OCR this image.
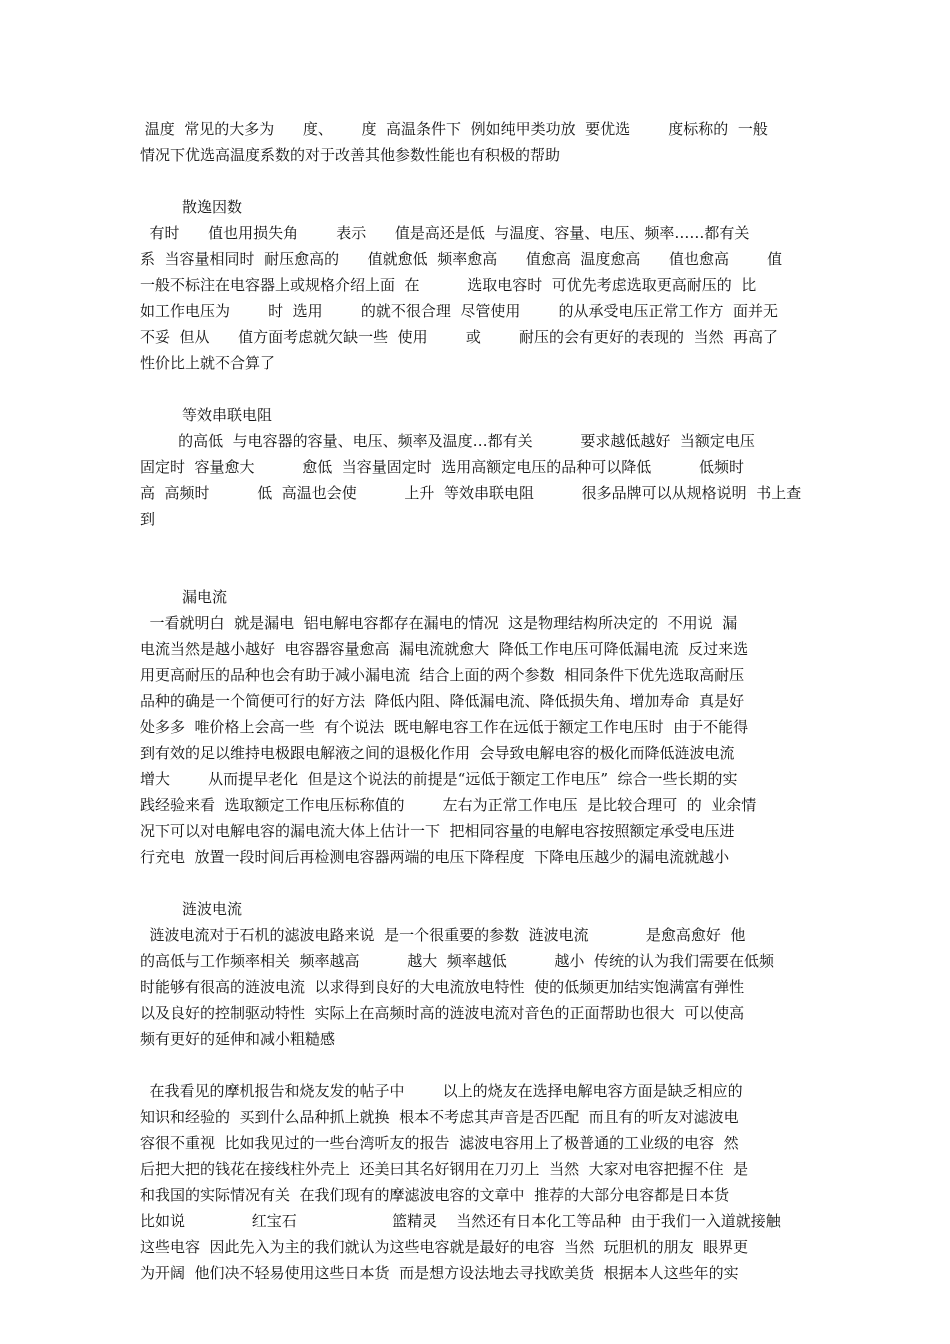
温度  常见的大多为      度、      度  高温条件下  例如纯甲类功放  要优选        度标称的  一般
情况下优选高温度系数的对于改善其他参数性能也有积极的帮助
散逸因数
有时      值也用损失角        表示      值是高还是低  与温度、容量、电压、频率……都有关
系  当容量相同时  耐压愈高的      值就愈低  频率愈高      值愈高  温度愈高      值也愈高        值
一般不标注在电容器上或规格介绍上面  在          选取电容时  可优先考虑选取更高耐压的  比
如工作电压为        时  选用        的就不很合理  尽管使用        的从承受电压正常工作方  面并无
不妥  但从      值方面考虑就欠缺一些  使用        或        耐压的会有更好的表现的  当然  再高了
性价比上就不合算了
等效串联电阻
的高低  与电容器的容量、电压、频率及温度…都有关          要求越低越好  当额定电压
固定时  容量愈大          愈低  当容量固定时  选用高额定电压的品种可以降低          低频时
高  高频时          低  高温也会使          上升  等效串联电阻          很多品牌可以从规格说明  书上查
到
漏电流
一看就明白  就是漏电  铝电解电容都存在漏电的情况  这是物理结构所决定的  不用说  漏
电流当然是越小越好  电容器容量愈高  漏电流就愈大  降低工作电压可降低漏电流  反过来选
用更高耐压的品种也会有助于减小漏电流  结合上面的两个参数  相同条件下优先选取高耐压
品种的确是一个简便可行的好方法  降低内阻、降低漏电流、降低损失角、增加寿命  真是好
处多多  唯价格上会高一些  有个说法  既电解电容工作在远低于额定工作电压时  由于不能得
到有效的足以维持电极跟电解液之间的退极化作用  会导致电解电容的极化而降低涟波电流
增大        从而提早老化  但是这个说法的前提是“远低于额定工作电压”  综合一些长期的实
践经验来看  选取额定工作电压标称值的        左右为正常工作电压  是比较合理可  的  业余情
况下可以对电解电容的漏电流大体上估计一下  把相同容量的电解电容按照额定承受电压进
行充电  放置一段时间后再检测电容器两端的电压下降程度  下降电压越少的漏电流就越小
涟波电流
涟波电流对于石机的滤波电路来说  是一个很重要的参数  涟波电流            是愈高愈好  他
的高低与工作频率相关  频率越高          越大  频率越低          越小  传统的认为我们需要在低频
时能够有很高的涟波电流  以求得到良好的大电流放电特性  使的低频更加结实饱满富有弹性
以及良好的控制驱动特性  实际上在高频时高的涟波电流对音色的正面帮助也很大  可以使高
频有更好的延伸和减小粗糙感
在我看见的摩机报告和烧友发的帖子中        以上的烧友在选择电解电容方面是缺乏相应的
知识和经验的  买到什么品种抓上就换  根本不考虑其声音是否匹配  而且有的听友对滤波电
容很不重视  比如我见过的一些台湾听友的报告  滤波电容用上了极普通的工业级的电容  然
后把大把的钱花在接线柱外壳上  还美曰其名好钢用在刀刃上  当然  大家对电容把握不住  是
和我国的实际情况有关  在我们现有的摩滤波电容的文章中  推荐的大部分电容都是日本货
比如说              红宝石                    篮精灵    当然还有日本化工等品种  由于我们一入道就接触
这些电容  因此先入为主的我们就认为这些电容就是最好的电容  当然  玩胆机的朋友  眼界更
为开阔  他们决不轻易使用这些日本货  而是想方设法地去寻找欧美货  根据本人这些年的实
